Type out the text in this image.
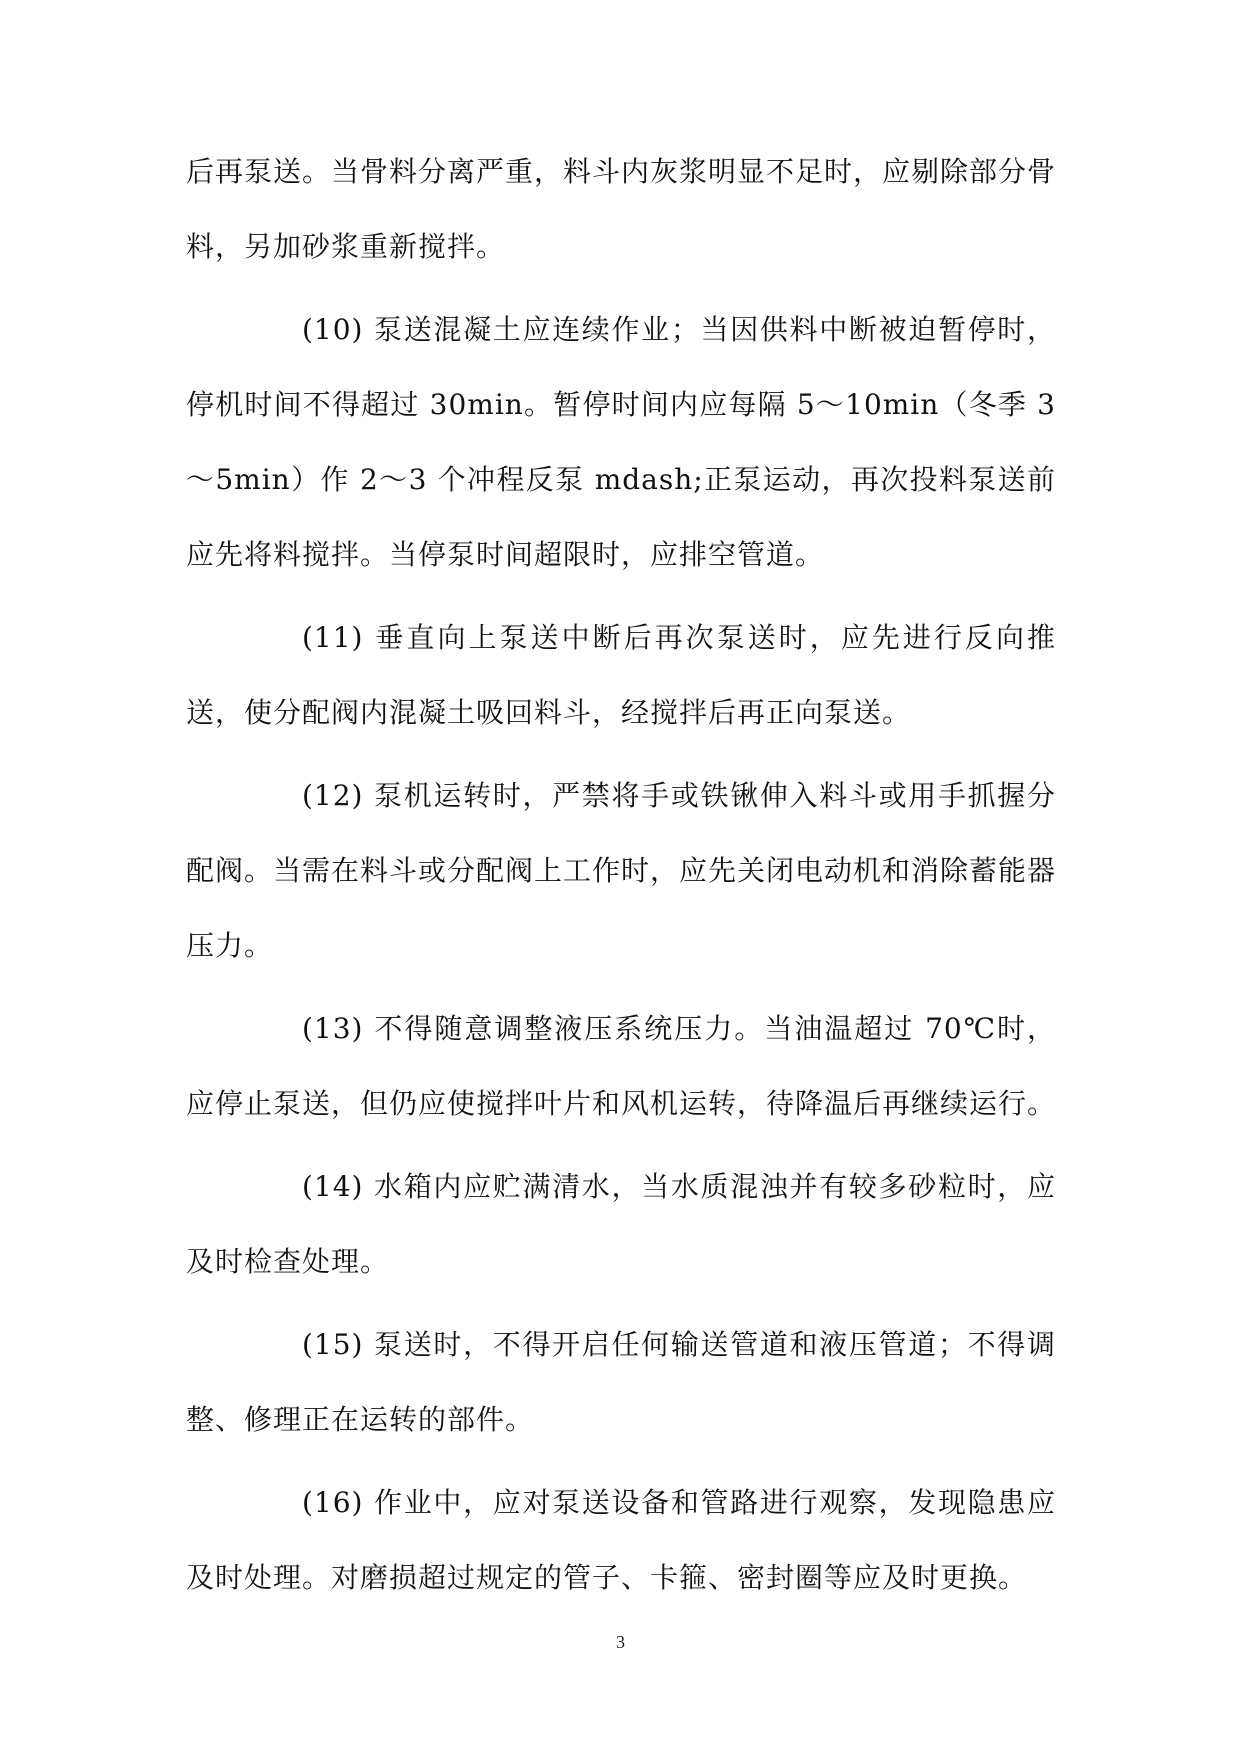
后再泵送。当骨料分离严重，料斗内灰浆明显不足时，应剔除部分骨料，另加砂浆重新搅拌。

(10) 泵送混凝土应连续作业；当因供料中断被迫暂停时，停机时间不得超过 30min。暂停时间内应每隔 5～10min（冬季 3～5min）作 2～3 个冲程反泵 mdash;正泵运动，再次投料泵送前应先将料搅拌。当停泵时间超限时，应排空管道。

(11) 垂直向上泵送中断后再次泵送时，应先进行反向推送，使分配阀内混凝土吸回料斗，经搅拌后再正向泵送。

(12) 泵机运转时，严禁将手或铁锹伸入料斗或用手抓握分配阀。当需在料斗或分配阀上工作时，应先关闭电动机和消除蓄能器压力。

(13) 不得随意调整液压系统压力。当油温超过 70℃时，应停止泵送，但仍应使搅拌叶片和风机运转，待降温后再继续运行。

(14) 水箱内应贮满清水，当水质混浊并有较多砂粒时，应及时检查处理。

(15) 泵送时，不得开启任何输送管道和液压管道；不得调整、修理正在运转的部件。

(16) 作业中，应对泵送设备和管路进行观察，发现隐患应及时处理。对磨损超过规定的管子、卡箍、密封圈等应及时更换。

3
